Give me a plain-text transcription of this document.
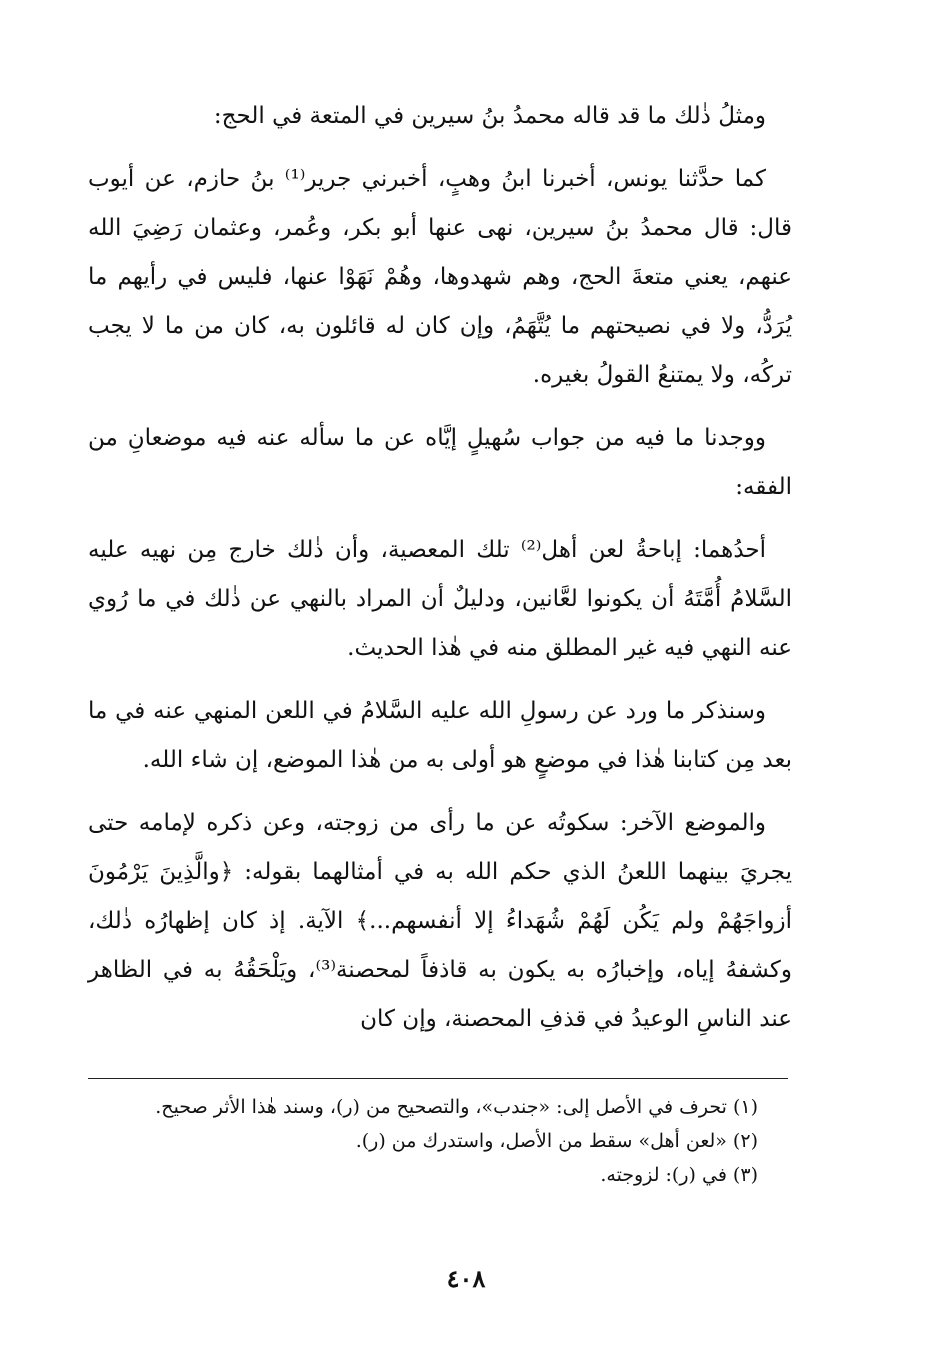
ومثلُ ذٰلك ما قد قاله محمدُ بنُ سيرين في المتعة في الحج:

كما حدَّثنا يونس، أخبرنا ابنُ وهبٍ، أخبرني جرير⁽¹⁾ بنُ حازم، عن أيوب قال: قال محمدُ بنُ سيرين، نهى عنها أبو بكر، وعُمر، وعثمان رَضِيَ الله عنهم، يعني متعةَ الحج، وهم شهدوها، وهُمْ نَهَوْا عنها، فليس في رأيهم ما يُرَدُّ، ولا في نصيحتهم ما يُتَّهَمُ، وإن كان له قائلون به، كان من ما لا يجب تركُه، ولا يمتنعُ القولُ بغيره.

ووجدنا ما فيه من جواب سُهيلٍ إيَّاه عن ما سأله عنه فيه موضعانِ من الفقه:

أحدُهما: إباحةُ لعن أهل⁽²⁾ تلك المعصية، وأن ذٰلك خارج مِن نهيه عليه السَّلامُ أُمَّتَهُ أن يكونوا لعَّانين، ودليلٌ أن المراد بالنهي عن ذٰلك في ما رُوي عنه النهي فيه غير المطلق منه في هٰذا الحديث.

وسنذكر ما ورد عن رسولِ الله عليه السَّلامُ في اللعن المنهي عنه في ما بعد مِن كتابنا هٰذا في موضعٍ هو أولى به من هٰذا الموضع، إن شاء الله.

والموضع الآخر: سكوتُه عن ما رأى من زوجته، وعن ذكره لإمامه حتى يجريَ بينهما اللعنُ الذي حكم الله به في أمثالهما بقوله: ﴿والَّذِينَ يَرْمُونَ أزواجَهُمْ ولم يَكُن لَهُمْ شُهَداءُ إلا أنفسهم...﴾ الآية. إذ كان إظهارُه ذٰلك، وكشفهُ إياه، وإخبارُه به يكون به قاذفاً لمحصنة⁽³⁾، ويَلْحَقُهُ به في الظاهر عند الناسِ الوعيدُ في قذفِ المحصنة، وإن كان

(١) تحرف في الأصل إلى: «جندب»، والتصحيح من (ر)، وسند هٰذا الأثر صحيح.

(٢) «لعن أهل» سقط من الأصل، واستدرك من (ر).

(٣) في (ر): لزوجته.

٤٠٨
